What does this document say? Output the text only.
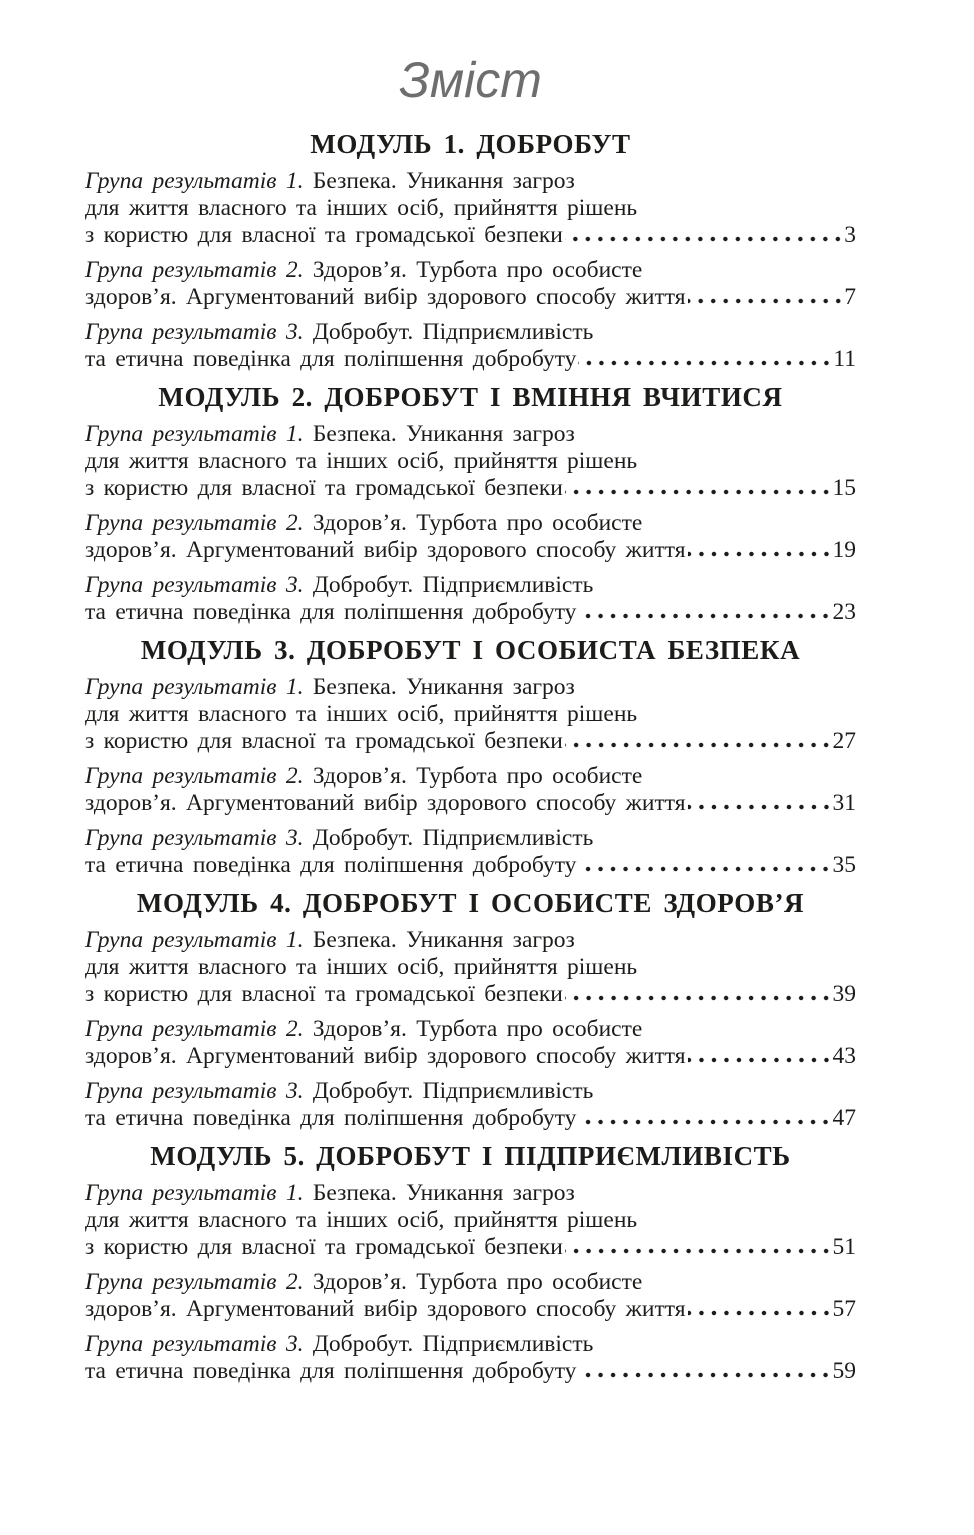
Зміст
МОДУЛЬ 1. ДОБРОБУТ
Група результатів 1. Безпека. Уникання загроз
для життя власного та інших осіб, прийняття рішень
з користю для власної та громадської безпеки	3
Група результатів 2. Здоров’я. Турбота про особисте
здоров’я. Аргументований вибір здорового способу життя	7
Група результатів 3. Добробут. Підприємливість
та етична поведінка для поліпшення добробуту	11
МОДУЛЬ 2. ДОБРОБУТ І ВМІННЯ ВЧИТИСЯ
Група результатів 1. Безпека. Уникання загроз
для життя власного та інших осіб, прийняття рішень
з користю для власної та громадської безпеки	15
Група результатів 2. Здоров’я. Турбота про особисте
здоров’я. Аргументований вибір здорового способу життя	19
Група результатів 3. Добробут. Підприємливість
та етична поведінка для поліпшення добробуту	23
МОДУЛЬ 3. ДОБРОБУТ І ОСОБИСТА БЕЗПЕКА
Група результатів 1. Безпека. Уникання загроз
для життя власного та інших осіб, прийняття рішень
з користю для власної та громадської безпеки	27
Група результатів 2. Здоров’я. Турбота про особисте
здоров’я. Аргументований вибір здорового способу життя	31
Група результатів 3. Добробут. Підприємливість
та етична поведінка для поліпшення добробуту	35
МОДУЛЬ 4. ДОБРОБУТ І ОСОБИСТЕ ЗДОРОВ’Я
Група результатів 1. Безпека. Уникання загроз
для життя власного та інших осіб, прийняття рішень
з користю для власної та громадської безпеки	39
Група результатів 2. Здоров’я. Турбота про особисте
здоров’я. Аргументований вибір здорового способу життя	43
Група результатів 3. Добробут. Підприємливість
та етична поведінка для поліпшення добробуту	47
МОДУЛЬ 5. ДОБРОБУТ І ПІДПРИЄМЛИВІСТЬ
Група результатів 1. Безпека. Уникання загроз
для життя власного та інших осіб, прийняття рішень
з користю для власної та громадської безпеки	51
Група результатів 2. Здоров’я. Турбота про особисте
здоров’я. Аргументований вибір здорового способу життя	57
Група результатів 3. Добробут. Підприємливість
та етична поведінка для поліпшення добробуту	59
